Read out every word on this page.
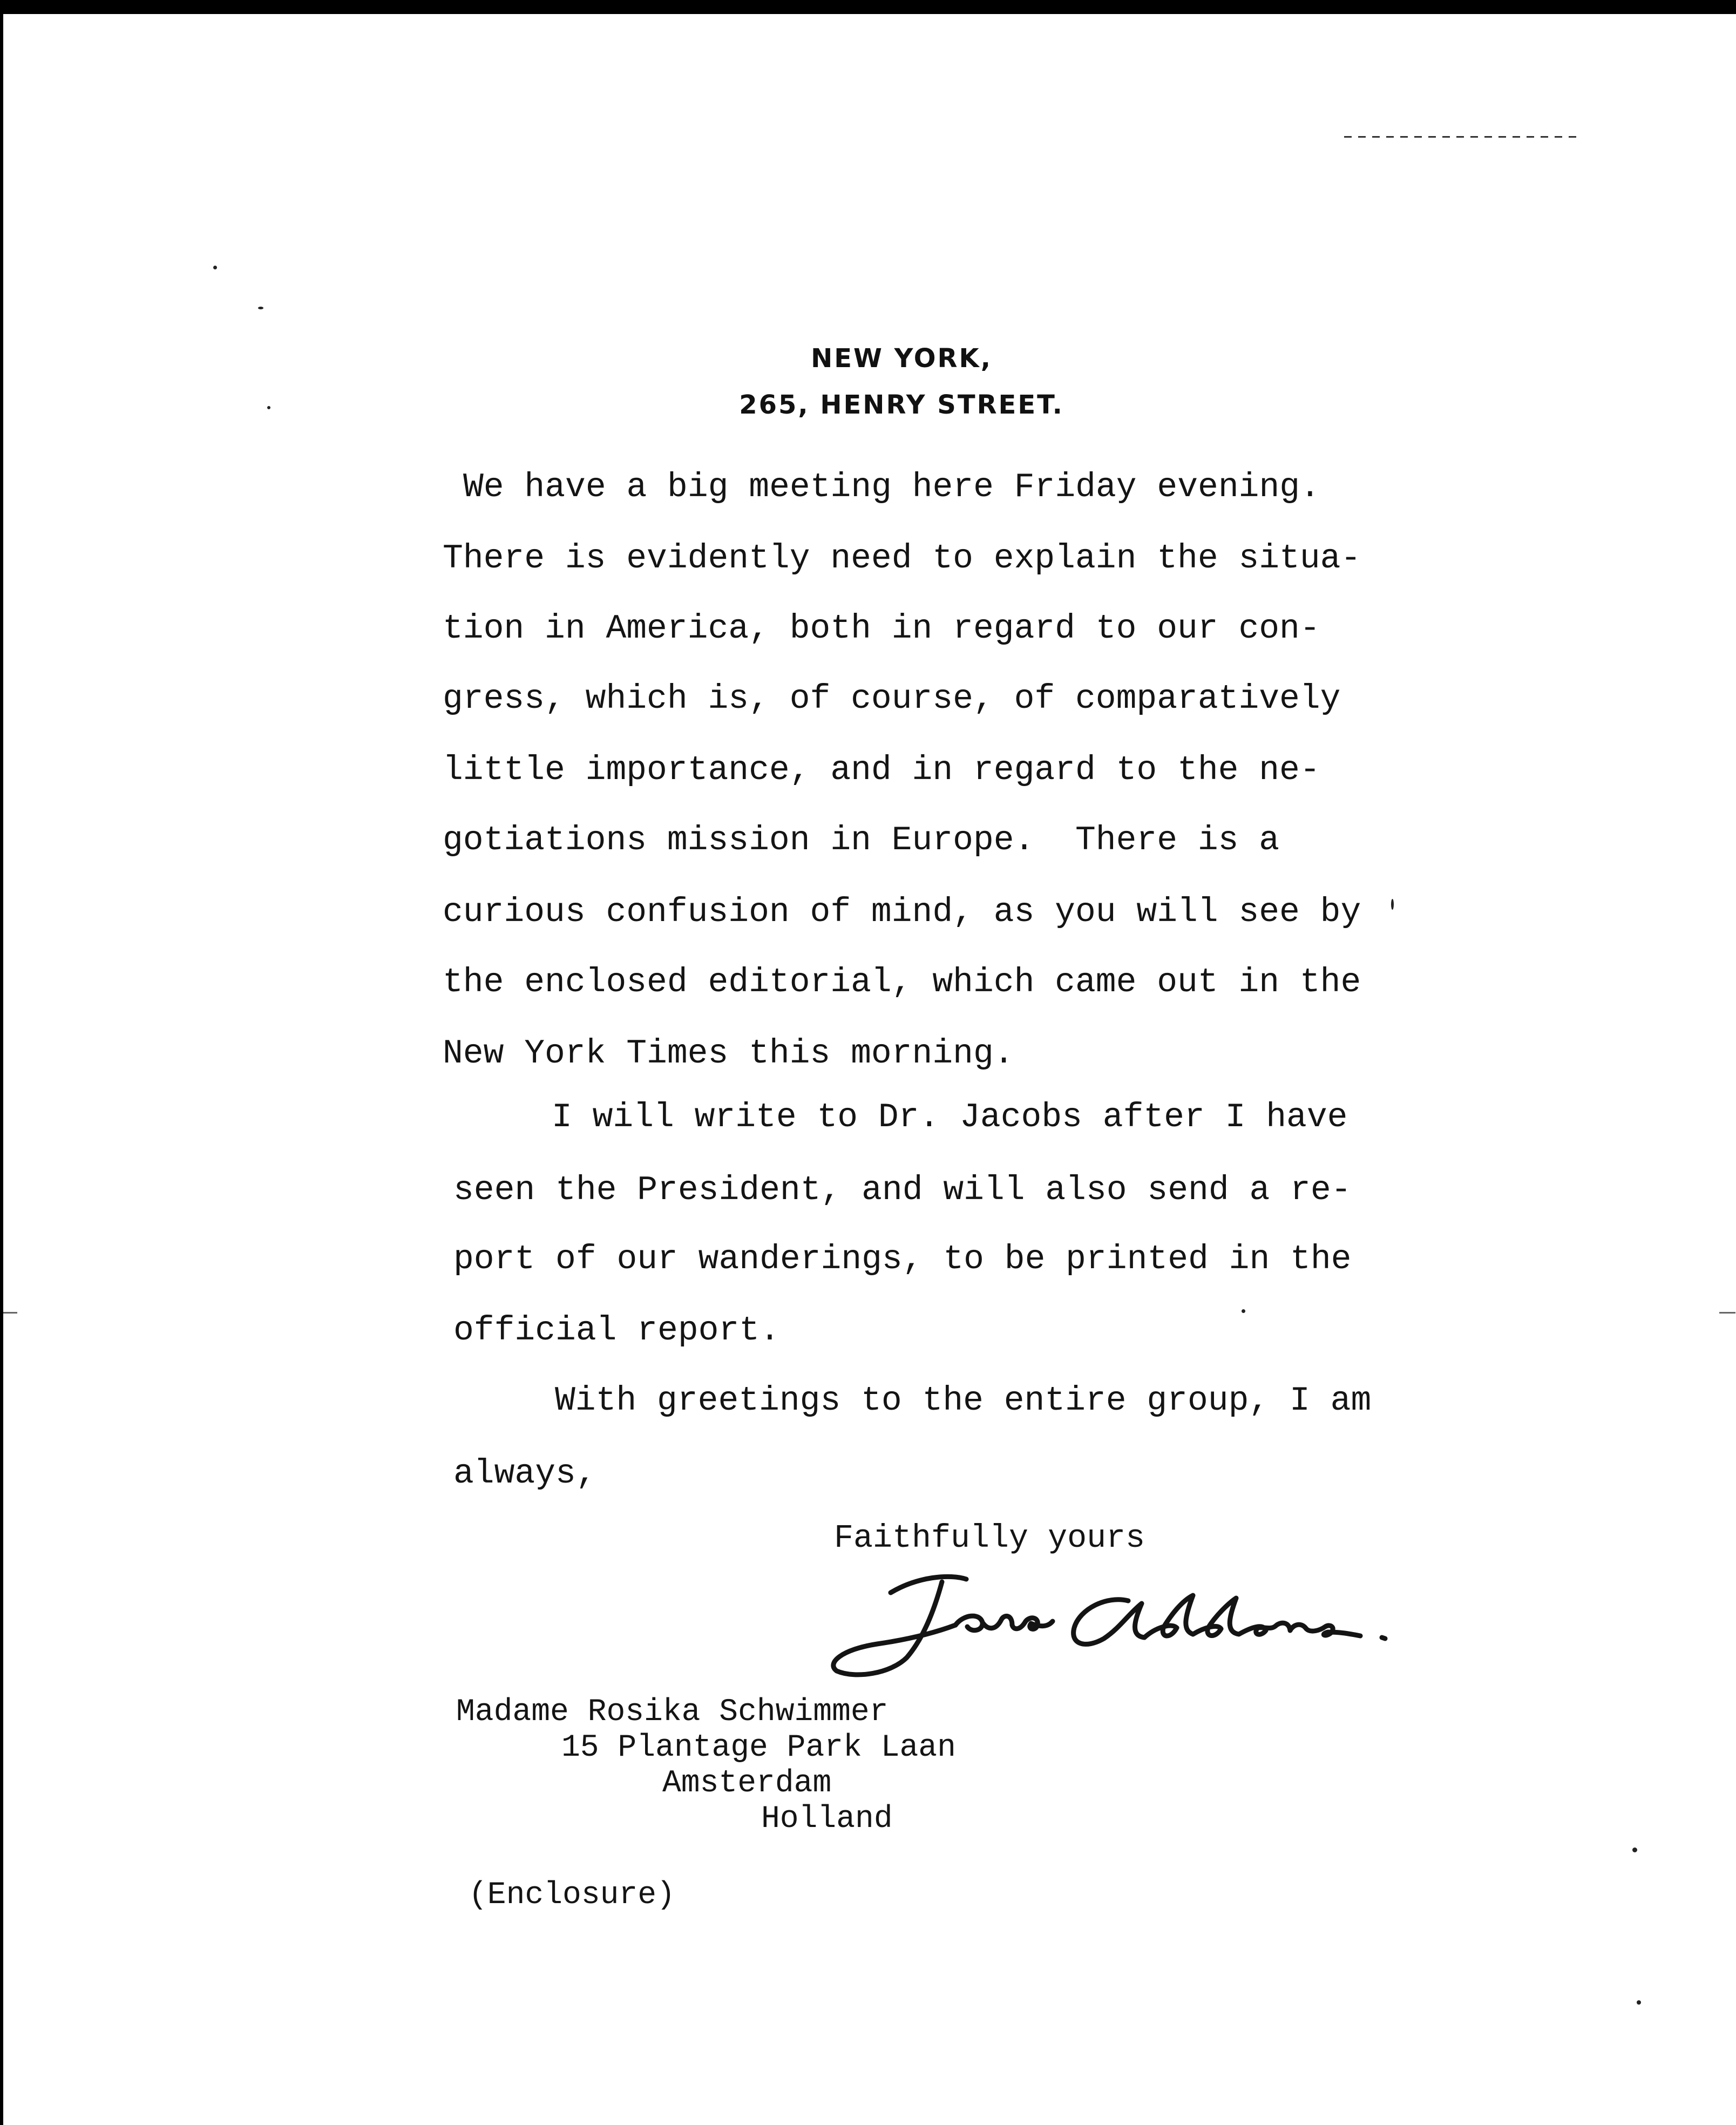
NEW YORK,
265, HENRY STREET.
We have a big meeting here Friday evening.
There is evidently need to explain the situa-
tion in America, both in regard to our con-
gress, which is, of course, of comparatively
little importance, and in regard to the ne-
gotiations mission in Europe.  There is a
curious confusion of mind, as you will see by
the enclosed editorial, which came out in the
New York Times this morning.
I will write to Dr. Jacobs after I have
seen the President, and will also send a re-
port of our wanderings, to be printed in the
official report.
With greetings to the entire group, I am
always,
Faithfully yours
Madame Rosika Schwimmer
15 Plantage Park Laan
Amsterdam
Holland
(Enclosure)
